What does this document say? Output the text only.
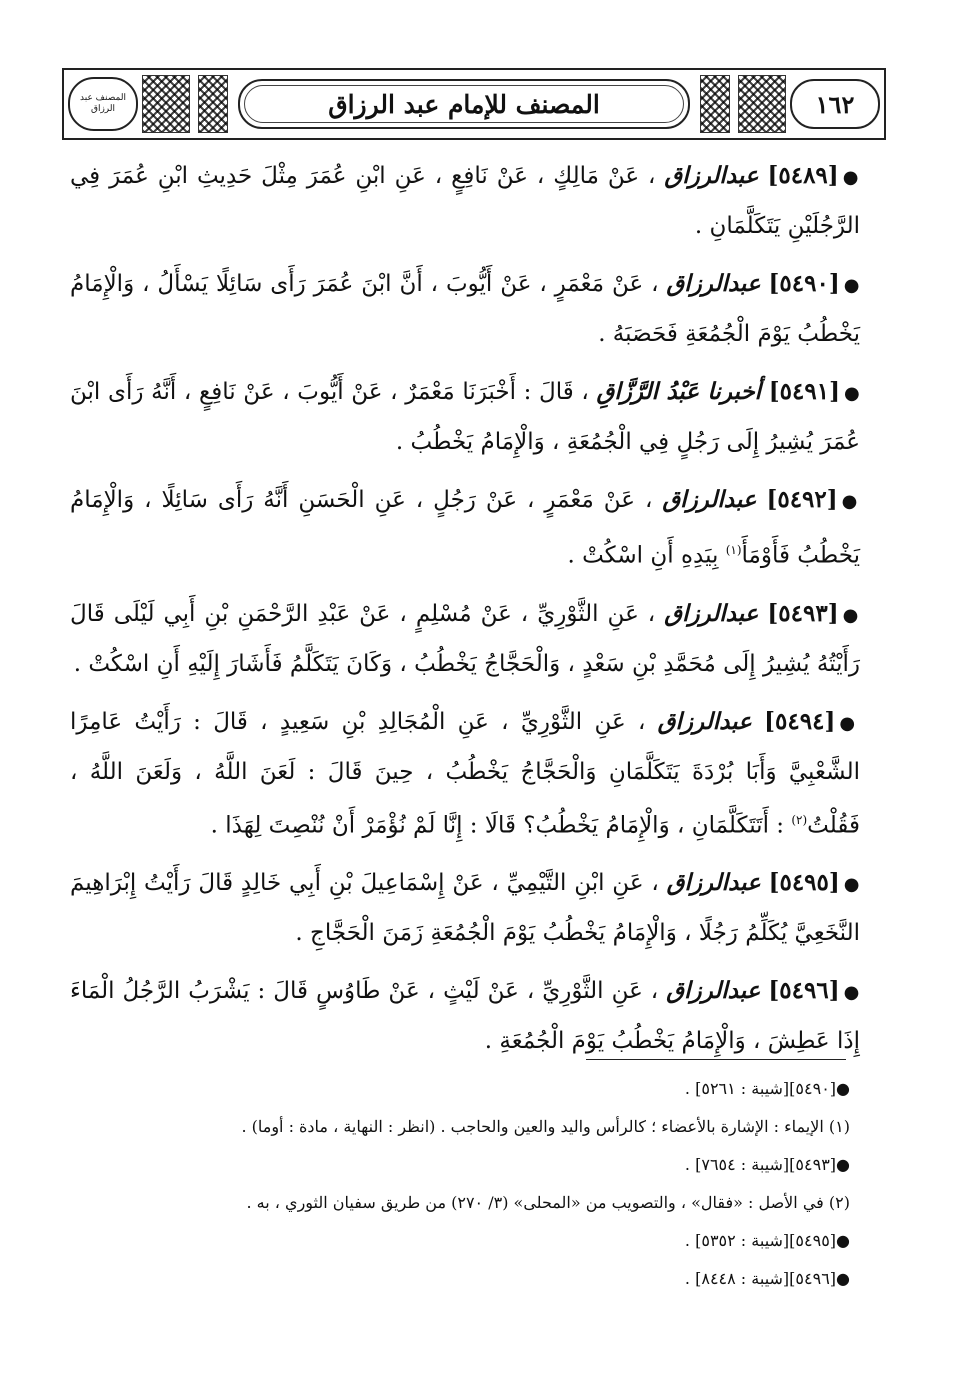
المصنف عبد الرزاق	المصنف للإمام عبد الرزاق	١٦٢
●[٥٤٨٩] عبدالرزاق ، عَنْ مَالِكٍ ، عَنْ نَافِعٍ ، عَنِ ابْنِ عُمَرَ مِثْلَ حَدِيثِ ابْنِ عُمَرَ فِي الرَّجُلَيْنِ يَتَكَلَّمَانِ .
●[٥٤٩٠] عبدالرزاق ، عَنْ مَعْمَرٍ ، عَنْ أَيُّوبَ ، أَنَّ ابْنَ عُمَرَ رَأَى سَائِلًا يَسْأَلُ ، وَالْإِمَامُ يَخْطُبُ يَوْمَ الْجُمُعَةِ فَحَصَبَهُ .
●[٥٤٩١] أخبرنا عَبْدُ الرَّزَّاقِ ، قَالَ : أَخْبَرَنَا مَعْمَرٌ ، عَنْ أَيُّوبَ ، عَنْ نَافِعٍ ، أَنَّهُ رَأَى ابْنَ عُمَرَ يُشِيرُ إِلَى رَجُلٍ فِي الْجُمُعَةِ ، وَالْإِمَامُ يَخْطُبُ .
●[٥٤٩٢] عبدالرزاق ، عَنْ مَعْمَرٍ ، عَنْ رَجُلٍ ، عَنِ الْحَسَنِ أَنَّهُ رَأَى سَائِلًا ، وَالْإِمَامُ يَخْطُبُ فَأَوْمَأَ$^{(١)}$ بِيَدِهِ أَنِ اسْكُتْ .
●[٥٤٩٣] عبدالرزاق ، عَنِ الثَّوْرِيِّ ، عَنْ مُسْلِمٍ ، عَنْ عَبْدِ الرَّحْمَنِ بْنِ أَبِي لَيْلَى قَالَ رَأَيْتُهُ يُشِيرُ إِلَى مُحَمَّدِ بْنِ سَعْدٍ ، وَالْحَجَّاجُ يَخْطُبُ ، وَكَانَ يَتَكَلَّمُ فَأَشَارَ إِلَيْهِ أَنِ اسْكُتْ .
●[٥٤٩٤] عبدالرزاق ، عَنِ الثَّوْرِيِّ ، عَنِ الْمُجَالِدِ بْنِ سَعِيدٍ ، قَالَ : رَأَيْتُ عَامِرًا الشَّعْبِيَّ وَأَبَا بُرْدَةَ يَتَكَلَّمَانِ وَالْحَجَّاجُ يَخْطُبُ ، حِينَ قَالَ : لَعَنَ اللَّهُ ، وَلَعَنَ اللَّهُ ، فَقُلْتُ$^{(٢)}$ : أَتَتَكَلَّمَانِ ، وَالْإِمَامُ يَخْطُبُ؟ قَالَا : إِنَّا لَمْ نُؤْمَرْ أَنْ نُنْصِتَ لِهَذَا .
●[٥٤٩٥] عبدالرزاق ، عَنِ ابْنِ التَّيْمِيِّ ، عَنْ إِسْمَاعِيلَ بْنِ أَبِي خَالِدٍ قَالَ رَأَيْتُ إِبْرَاهِيمَ النَّخَعِيَّ يُكَلِّمُ رَجُلًا ، وَالْإِمَامُ يَخْطُبُ يَوْمَ الْجُمُعَةِ زَمَنَ الْحَجَّاجِ .
●[٥٤٩٦] عبدالرزاق ، عَنِ الثَّوْرِيِّ ، عَنْ لَيْثٍ ، عَنْ طَاوُسٍ قَالَ : يَشْرَبُ الرَّجُلُ الْمَاءَ إِذَا عَطِشَ ، وَالْإِمَامُ يَخْطُبُ يَوْمَ الْجُمُعَةِ .
●[٥٤٩٠][شيبة : ٥٢٦١] .
(١) الإيماء : الإشارة بالأعضاء ؛ كالرأس واليد والعين والحاجب . (انظر : النهاية ، مادة : أوما) .
●[٥٤٩٣][شيبة : ٧٦٥٤] .
(٢) في الأصل : «فقال» ، والتصويب من «المحلى» (٣/ ٢٧٠) من طريق سفيان الثوري ، به .
●[٥٤٩٥][شيبة : ٥٣٥٢] .
●[٥٤٩٦][شيبة : ٨٤٤٨] .
